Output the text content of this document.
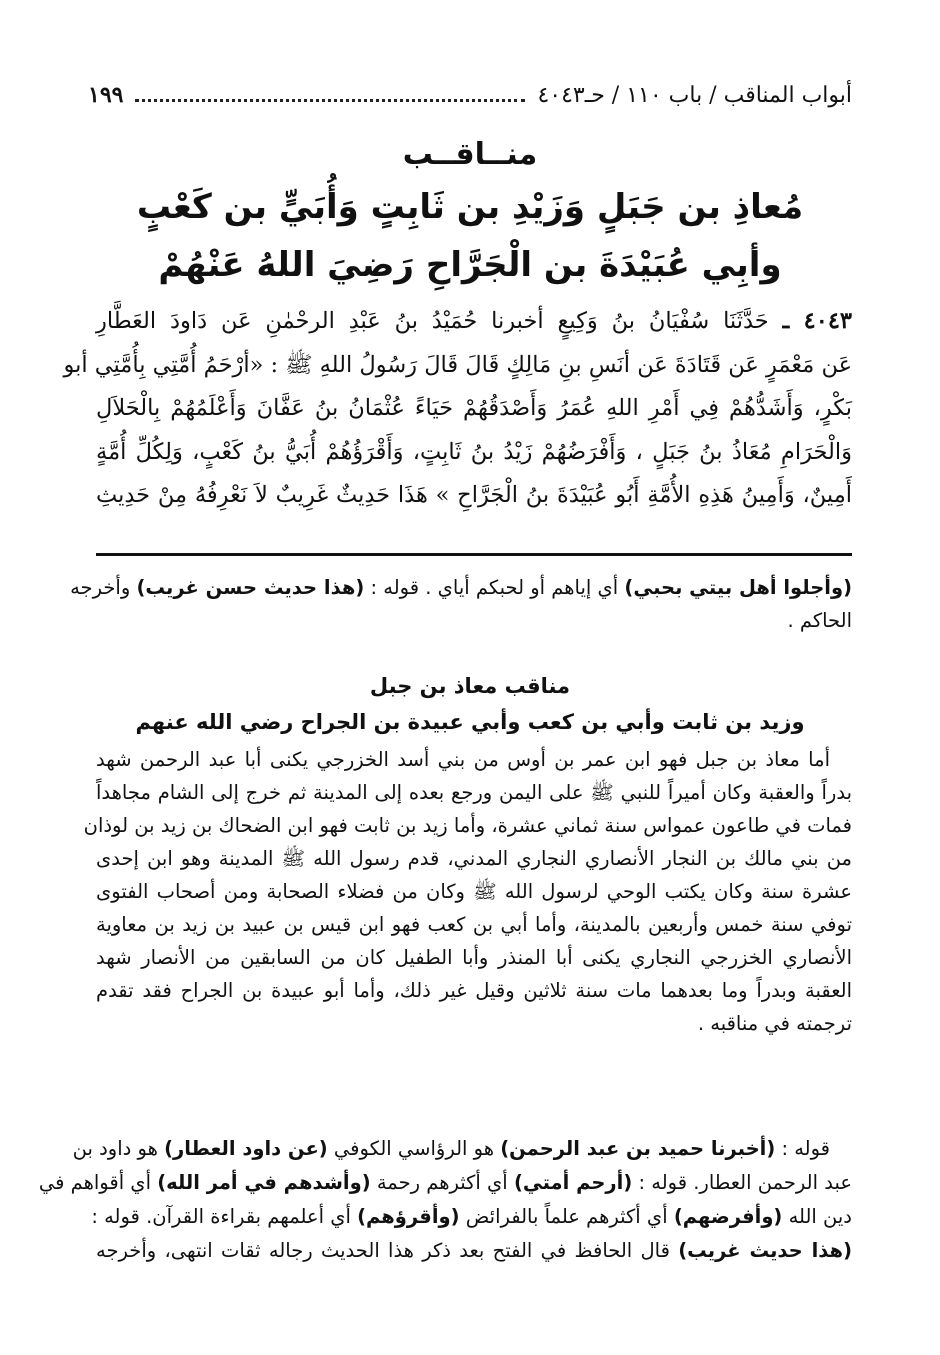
أبواب المناقب / باب ١١٠ / حـ٤٠٤٣
١٩٩
منــاقــب
مُعاذِ بن جَبَلٍ وَزَيْدِ بن ثَابِتٍ وَأُبَيٍّ بن كَعْبٍ
وأبِي عُبَيْدَةَ بن الْجَرَّاحِ رَضِيَ اللهُ عَنْهُمْ
٤٠٤٣ ـ حَدَّثَنَا سُفْيَانُ بنُ وَكِيعٍ أخبرنا حُمَيْدُ بنُ عَبْدِ الرحْمٰنِ عَن دَاودَ العَطَّارِ
عَن مَعْمَرٍ عَن قَتَادَةَ عَن أنَسِ بنِ مَالِكٍ قَالَ قَالَ رَسُولُ اللهِ ﷺ : «أرْحَمُ أُمَّتِي بِأُمَّتِي أبو
بَكْرٍ، وَأَشَدُّهُمْ فِي أَمْرِ اللهِ عُمَرُ وَأَصْدَقُهُمْ حَيَاءً عُثْمَانُ بنُ عَفَّانَ وَأَعْلَمُهُمْ بِالْحَلاَلِ
وَالْحَرَامِ مُعَاذُ بنُ جَبَلٍ ، وَأَفْرَضُهُمْ زَيْدُ بنُ ثَابِتٍ، وَأَقْرَؤُهُمْ أُبَيُّ بنُ كَعْبٍ، وَلِكُلِّ أُمَّةٍ
أَمِينٌ، وَأَمِينُ هَذِهِ الأُمَّةِ أَبُو عُبَيْدَةَ بنُ الْجَرَّاحِ » هَذَا حَدِيثٌ غَرِيبٌ لاَ نَعْرِفُهُ مِنْ حَدِيثِ
(وأجلوا أهل بيتي بحبي) أي إياهم أو لحبكم أياي . قوله : (هذا حديث حسن غريب) وأخرجه
الحاكم .
مناقب معاذ بن جبل
وزيد بن ثابت وأبي بن كعب وأبي عبيدة بن الجراح رضي الله عنهم
أما معاذ بن جبل فهو ابن عمر بن أوس من بني أسد الخزرجي يكنى أبا عبد الرحمن شهد
بدراً والعقبة وكان أميراً للنبي ﷺ على اليمن ورجع بعده إلى المدينة ثم خرج إلى الشام مجاهداً
فمات في طاعون عمواس سنة ثماني عشرة، وأما زيد بن ثابت فهو ابن الضحاك بن زيد بن لوذان
من بني مالك بن النجار الأنصاري النجاري المدني، قدم رسول الله ﷺ المدينة وهو ابن إحدى
عشرة سنة وكان يكتب الوحي لرسول الله ﷺ وكان من فضلاء الصحابة ومن أصحاب الفتوى
توفي سنة خمس وأربعين بالمدينة، وأما أبي بن كعب فهو ابن قيس بن عبيد بن زيد بن معاوية
الأنصاري الخزرجي النجاري يكنى أبا المنذر وأبا الطفيل كان من السابقين من الأنصار شهد
العقبة وبدراً وما بعدهما مات سنة ثلاثين وقيل غير ذلك، وأما أبو عبيدة بن الجراح فقد تقدم
ترجمته في مناقبه .
قوله : (أخبرنا حميد بن عبد الرحمن) هو الرؤاسي الكوفي (عن داود العطار) هو داود بن
عبد الرحمن العطار. قوله : (أرحم أمتي) أي أكثرهم رحمة (وأشدهم في أمر الله) أي أقواهم في
دين الله (وأفرضهم) أي أكثرهم علماً بالفرائض (وأقرؤهم) أي أعلمهم بقراءة القرآن. قوله :
(هذا حديث غريب) قال الحافظ في الفتح بعد ذكر هذا الحديث رجاله ثقات انتهى، وأخرجه
